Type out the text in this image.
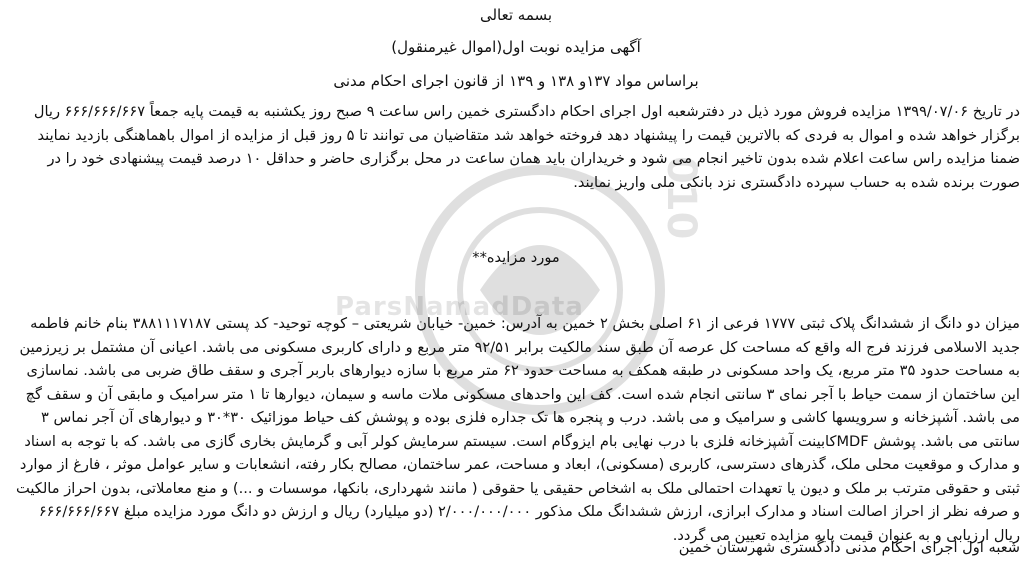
ParsNamadData
010
بسمه تعالی
آگهی مزایده نوبت اول(اموال غیرمنقول)
براساس مواد ۱۳۷و ۱۳۸ و ۱۳۹ از قانون اجرای احکام مدنی
در تاریخ ۱۳۹۹/۰۷/۰۶ مزایده فروش مورد ذیل در دفترشعبه اول اجرای احکام دادگستری خمین راس ساعت ۹ صبح روز یکشنبه به قیمت پایه جمعاً ۶۶۶/۶۶۶/۶۶۷ ریال برگزار خواهد شده و اموال به فردی که بالاترین قیمت را پیشنهاد دهد فروخته خواهد شد متقاضیان می توانند تا ۵ روز قبل از مزایده از اموال باهماهنگی بازدید نمایند ضمنا مزایده راس ساعت اعلام شده بدون تاخیر انجام می شود و خریداران باید همان ساعت در محل برگزاری حاضر و حداقل ۱۰ درصد قیمت پیشنهادی خود را در صورت برنده شده به حساب سپرده دادگستری نزد بانکی ملی واریز نمایند.
مورد مزایده**
میزان دو دانگ از ششدانگ پلاک ثبتی ۱۷۷۷ فرعی از ۶۱ اصلی بخش ۲ خمین به آدرس: خمین- خیابان شریعتی – کوچه توحید- کد پستی ۳۸۸۱۱۱۷۱۸۷ بنام خانم فاطمه جدید الاسلامی فرزند فرج اله واقع که مساحت کل عرصه آن طبق سند مالکیت برابر ۹۲/۵۱ متر مربع و دارای کاربری مسکونی می باشد. اعیانی آن مشتمل بر زیرزمین به مساحت حدود ۳۵ متر مربع، یک واحد مسکونی در طبقه همکف به مساحت حدود ۶۲ متر مربع با سازه دیوارهای باربر آجری و سقف طاق ضربی می باشد. نماسازی این ساختمان از سمت حیاط با آجر نمای ۳ سانتی انجام شده است. کف این واحدهای مسکونی ملات ماسه و سیمان، دیوارها تا ۱ متر سرامیک و مابقی آن و سقف گچ می باشد. آشپزخانه و سرویسها کاشی و سرامیک و می باشد. درب و پنجره ها تک جداره فلزی بوده و پوشش کف حیاط موزائیک ۳۰*۳۰ و دیوارهای آن آجر نماس ۳ سانتی می باشد. پوشش MDFکابینت آشپزخانه فلزی با درب نهایی بام ایزوگام است. سیستم سرمایش کولر آبی و گرمایش بخاری گازی می باشد. که با توجه به اسناد و مدارک و موقعیت محلی ملک، گذرهای دسترسی، کاربری (مسکونی)، ابعاد و مساحت، عمر ساختمان، مصالح بکار رفته، انشعابات و سایر عوامل موثر ، فارغ از موارد ثبتی و حقوقی مترتب بر ملک و دیون یا تعهدات احتمالی ملک به اشخاص حقیقی یا حقوقی ( مانند شهرداری، بانکها، موسسات و ...) و منع معاملاتی، بدون احراز مالکیت و صرفه نظر از احراز اصالت اسناد و مدارک ابرازی، ارزش ششدانگ ملک مذکور ۲/۰۰۰/۰۰۰/۰۰۰ (دو میلیارد) ریال و ارزش دو دانگ مورد مزایده مبلغ ۶۶۶/۶۶۶/۶۶۷ ریال ارزیابی و به عنوان قیمت پایه مزایده تعیین می گردد.
شعبه اول اجرای احکام مدنی دادگستری شهرستان خمین
